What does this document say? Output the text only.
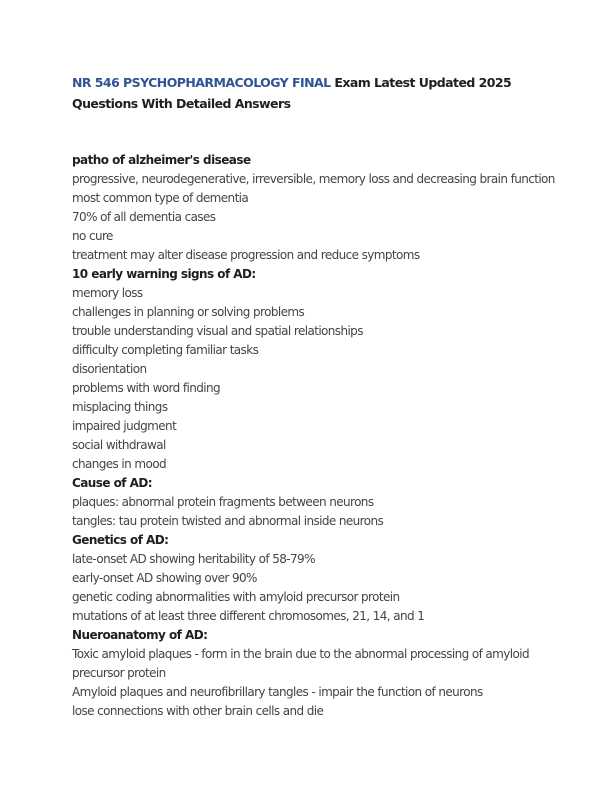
NR 546 PSYCHOPHARMACOLOGY FINAL Exam Latest Updated 2025 Questions With Detailed Answers
patho of alzheimer's disease
progressive, neurodegenerative, irreversible, memory loss and decreasing brain function
most common type of dementia
70% of all dementia cases
no cure
treatment may alter disease progression and reduce symptoms
10 early warning signs of AD:
memory loss
challenges in planning or solving problems
trouble understanding visual and spatial relationships
difficulty completing familiar tasks
disorientation
problems with word finding
misplacing things
impaired judgment
social withdrawal
changes in mood
Cause of AD:
plaques: abnormal protein fragments between neurons
tangles: tau protein twisted and abnormal inside neurons
Genetics of AD:
late-onset AD showing heritability of 58-79%
early-onset AD showing over 90%
genetic coding abnormalities with amyloid precursor protein
mutations of at least three different chromosomes, 21, 14, and 1
Nueroanatomy of AD:
Toxic amyloid plaques - form in the brain due to the abnormal processing of amyloid
precursor protein
Amyloid plaques and neurofibrillary tangles - impair the function of neurons
lose connections with other brain cells and die
